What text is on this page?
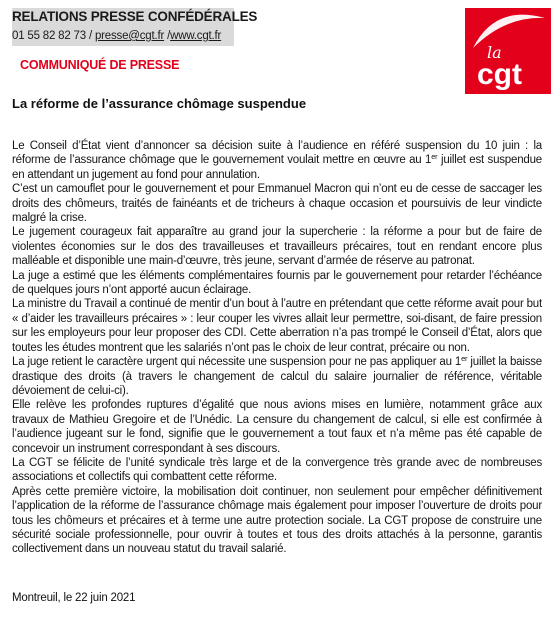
RELATIONS PRESSE CONFÉDÉRALES
01 55 82 82 73 / presse@cgt.fr /www.cgt.fr
COMMUNIQUÉ DE PRESSE
la
cgt
La réforme de l’assurance chômage suspendue

Le Conseil d’État vient d’annoncer sa décision suite à l’audience en référé suspension du 10 juin : la réforme de l’assurance chômage que le gouvernement voulait mettre en œuvre au 1er juillet est suspendue en attendant un jugement au fond pour annulation.

C’est un camouflet pour le gouvernement et pour Emmanuel Macron qui n’ont eu de cesse de saccager les droits des chômeurs, traités de fainéants et de tricheurs à chaque occasion et poursuivis de leur vindicte malgré la crise.

Le jugement courageux fait apparaître au grand jour la supercherie : la réforme a pour but de faire de violentes économies sur le dos des travailleuses et travailleurs précaires, tout en rendant encore plus malléable et disponible une main-d’œuvre, très jeune, servant d’armée de réserve au patronat.

La juge a estimé que les éléments complémentaires fournis par le gouvernement pour retarder l’échéance de quelques jours n’ont apporté aucun éclairage.

La ministre du Travail a continué de mentir d’un bout à l’autre en prétendant que cette réforme avait pour but « d’aider les travailleurs précaires » : leur couper les vivres allait leur permettre, soi-disant, de faire pression sur les employeurs pour leur proposer des CDI. Cette aberration n’a pas trompé le Conseil d’État, alors que toutes les études montrent que les salariés n’ont pas le choix de leur contrat, précaire ou non.

La juge retient le caractère urgent qui nécessite une suspension pour ne pas appliquer au 1er juillet la baisse drastique des droits (à travers le changement de calcul du salaire journalier de référence, véritable dévoiement de celui-ci).

Elle relève les profondes ruptures d’égalité que nous avions mises en lumière, notamment grâce aux travaux de Mathieu Gregoire et de l’Unédic. La censure du changement de calcul, si elle est confirmée à l’audience jugeant sur le fond, signifie que le gouvernement a tout faux et n’a même pas été capable de concevoir un instrument correspondant à ses discours.

La CGT se félicite de l’unité syndicale très large et de la convergence très grande avec de nombreuses associations et collectifs qui combattent cette réforme.

Après cette première victoire, la mobilisation doit continuer, non seulement pour empêcher définitivement l’application de la réforme de l’assurance chômage mais également pour imposer l’ouverture de droits pour tous les chômeurs et précaires et à terme une autre protection sociale. La CGT propose de construire une sécurité sociale professionnelle, pour ouvrir à toutes et tous des droits attachés à la personne, garantis collectivement dans un nouveau statut du travail salarié.

Montreuil, le 22 juin 2021
